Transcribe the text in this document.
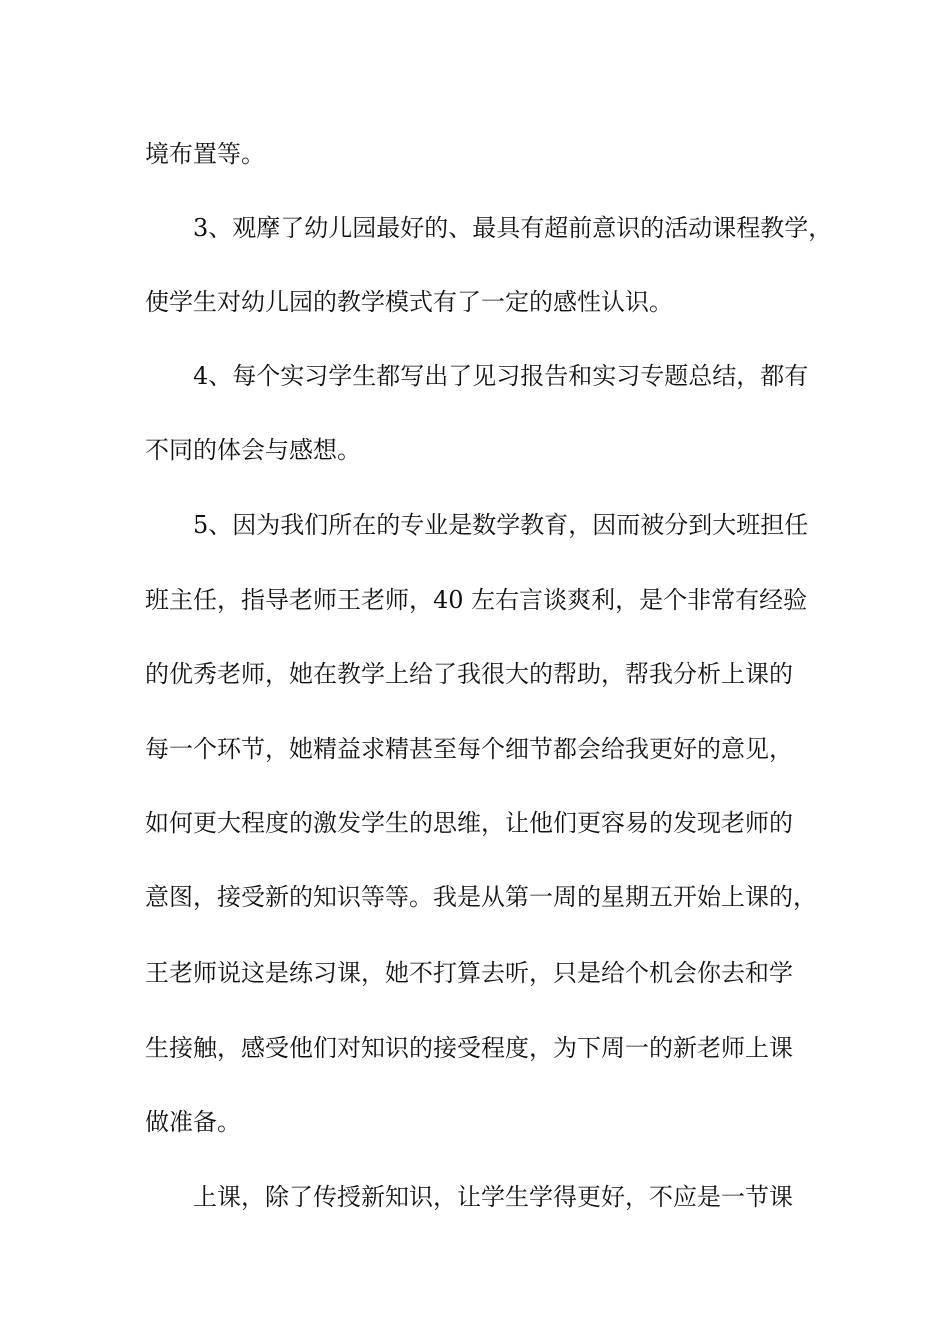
境布置等。
3、观摩了幼儿园最好的、最具有超前意识的活动课程教学，
使学生对幼儿园的教学模式有了一定的感性认识。
4、每个实习学生都写出了见习报告和实习专题总结，都有
不同的体会与感想。
5、因为我们所在的专业是数学教育，因而被分到大班担任
班主任，指导老师王老师，40 左右言谈爽利，是个非常有经验
的优秀老师，她在教学上给了我很大的帮助，帮我分析上课的
每一个环节，她精益求精甚至每个细节都会给我更好的意见，
如何更大程度的激发学生的思维，让他们更容易的发现老师的
意图，接受新的知识等等。我是从第一周的星期五开始上课的，
王老师说这是练习课，她不打算去听，只是给个机会你去和学
生接触，感受他们对知识的接受程度，为下周一的新老师上课
做准备。
上课，除了传授新知识，让学生学得更好，不应是一节课
